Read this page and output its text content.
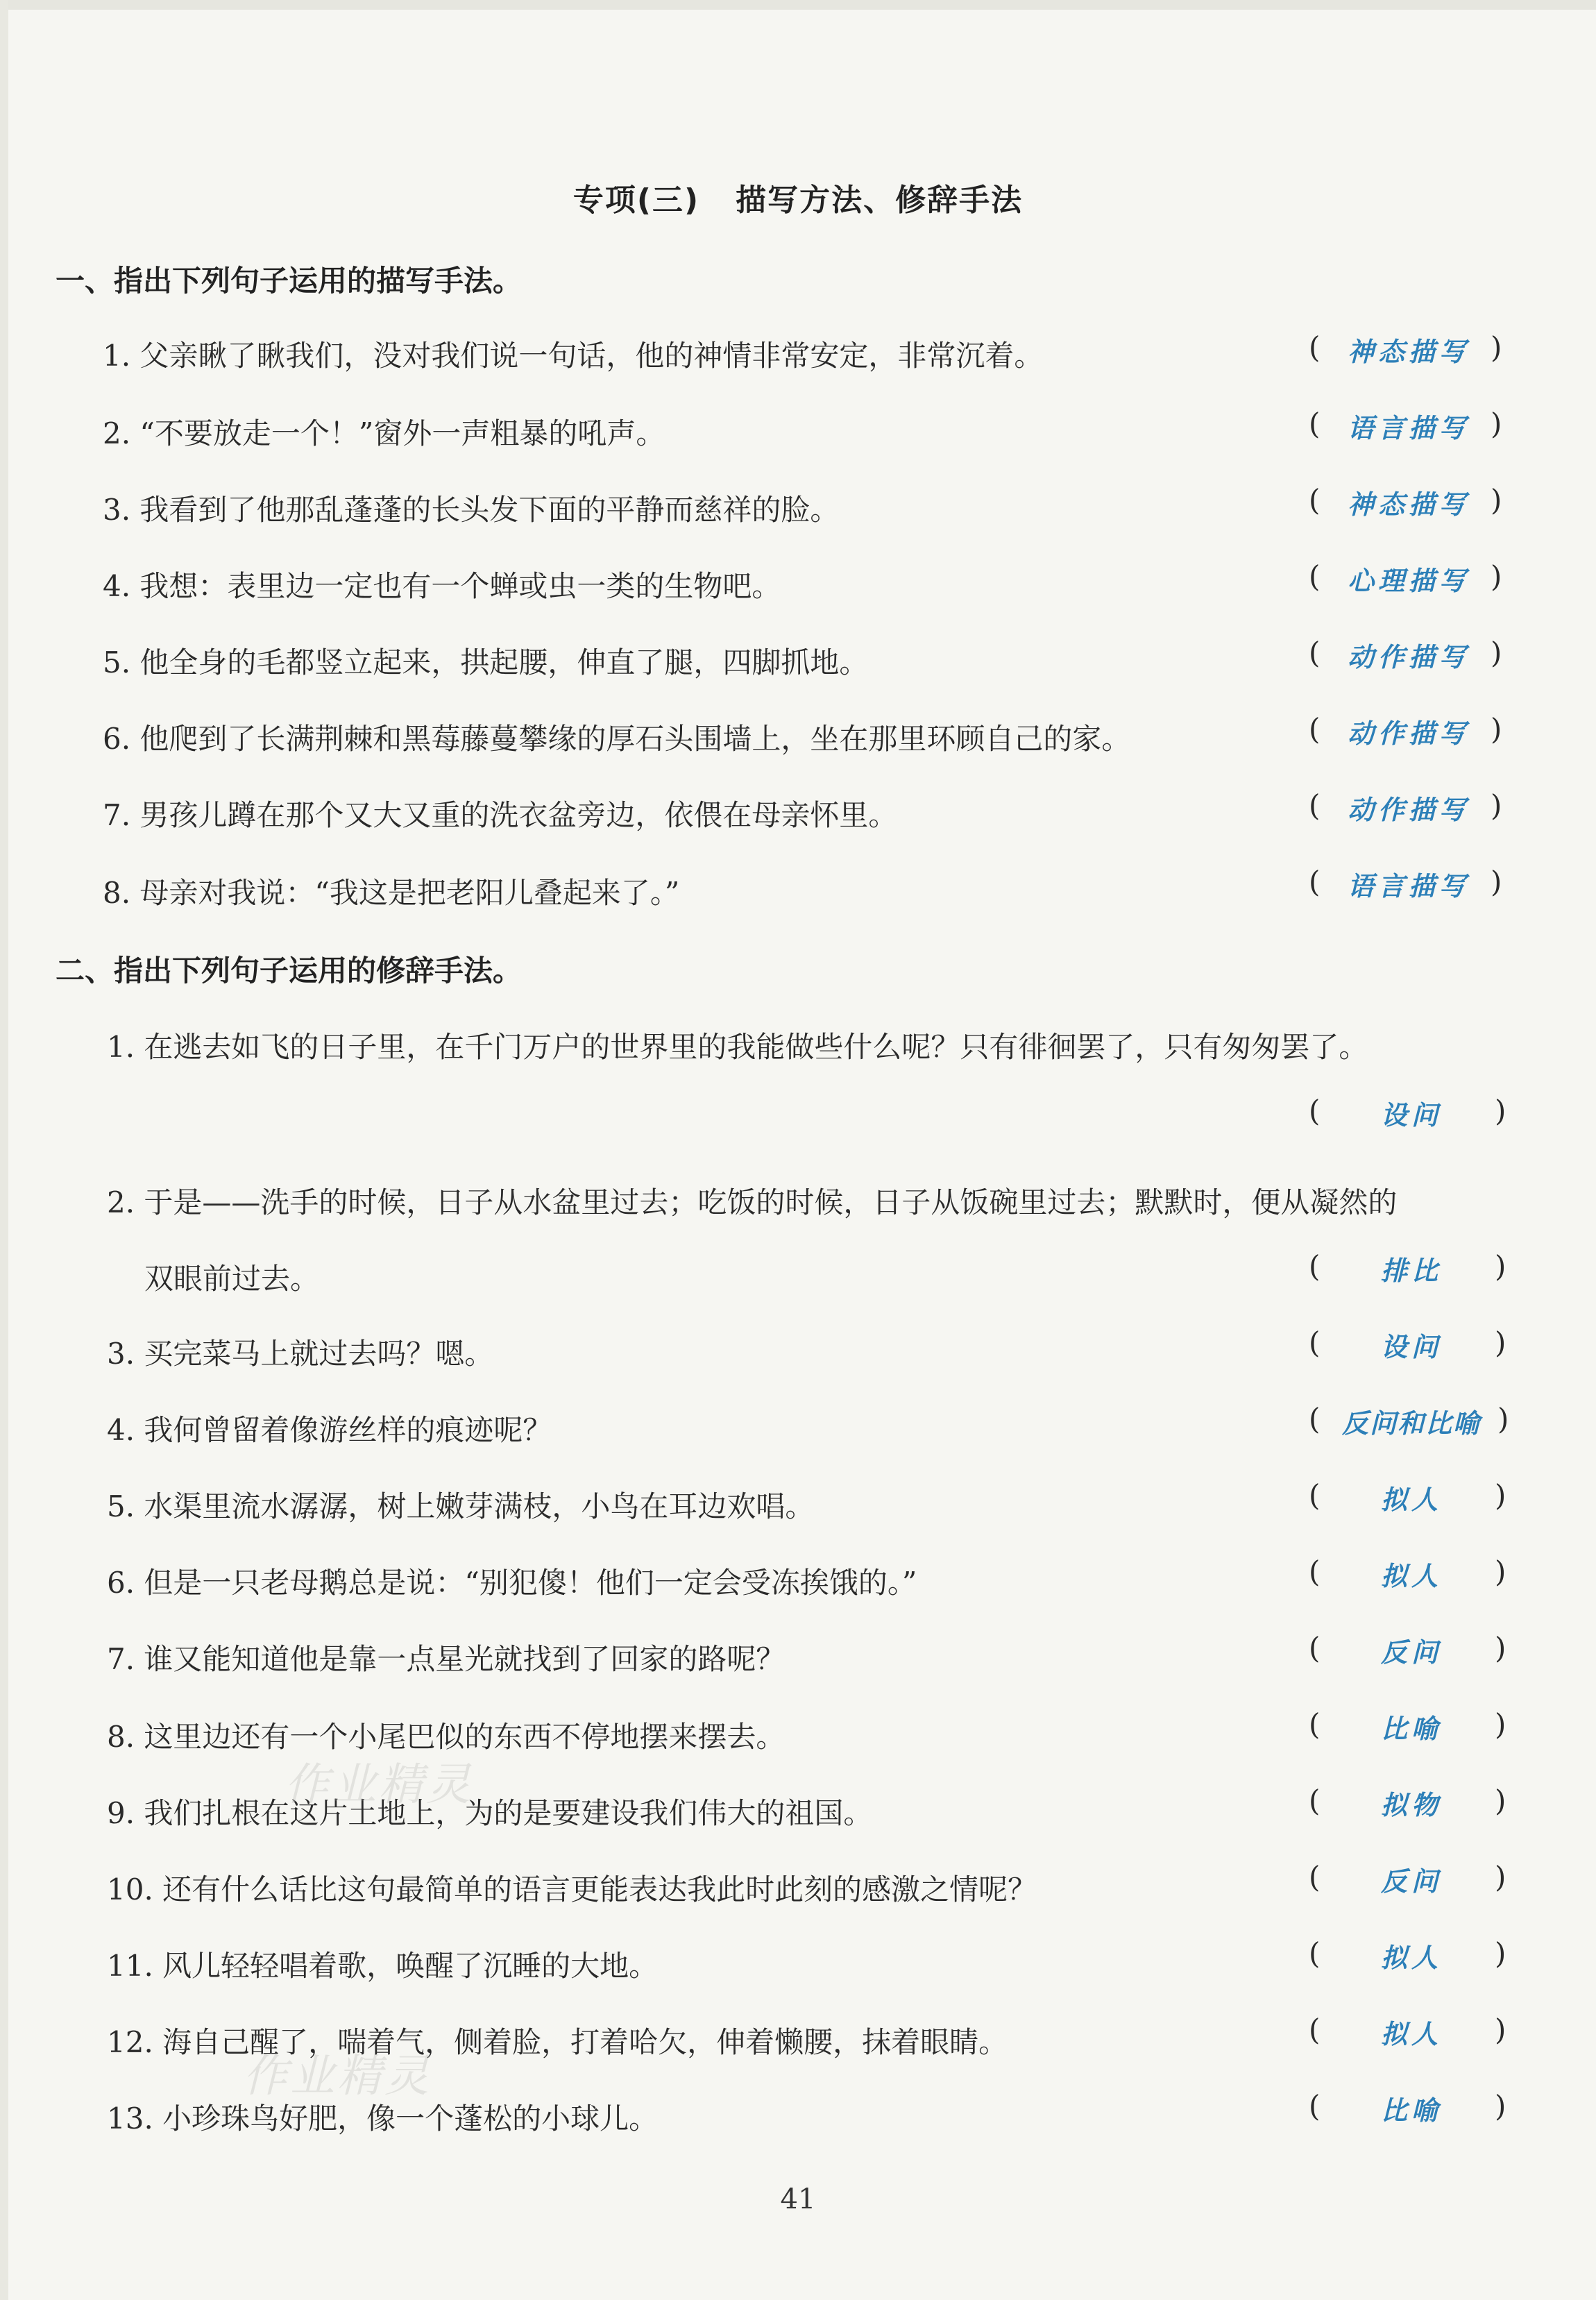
专项(三) 描写方法、修辞手法
一、指出下列句子运用的描写手法。
1. 父亲瞅了瞅我们，没对我们说一句话，他的神情非常安定，非常沉着。	(	神态描写 )
2. “不要放走一个！”窗外一声粗暴的吼声。	(	语言描写 )
3. 我看到了他那乱蓬蓬的长头发下面的平静而慈祥的脸。	(	神态描写 )
4. 我想：表里边一定也有一个蝉或虫一类的生物吧。	(	心理描写 )
5. 他全身的毛都竖立起来，拱起腰，伸直了腿，四脚抓地。	(	动作描写 )
6. 他爬到了长满荆棘和黑莓藤蔓攀缘的厚石头围墙上，坐在那里环顾自己的家。	(	动作描写 )
7. 男孩儿蹲在那个又大又重的洗衣盆旁边，依偎在母亲怀里。	(	动作描写 )
8. 母亲对我说：“我这是把老阳儿叠起来了。”	(	语言描写 )
二、指出下列句子运用的修辞手法。
1. 在逃去如飞的日子里，在千门万户的世界里的我能做些什么呢？只有徘徊罢了，只有匆匆罢了。
(	设问	)
2. 于是——洗手的时候，日子从水盆里过去；吃饭的时候，日子从饭碗里过去；默默时，便从凝然的
双眼前过去。	(	排比	)
3. 买完菜马上就过去吗？嗯。	(	设问	)
4. 我何曾留着像游丝样的痕迹呢？	( 反问和比喻 )
5. 水渠里流水潺潺，树上嫩芽满枝，小鸟在耳边欢唱。	(	拟人	)
6. 但是一只老母鹅总是说：“别犯傻！他们一定会受冻挨饿的。”	(	拟人	)
7. 谁又能知道他是靠一点星光就找到了回家的路呢？	(	反问	)
8. 这里边还有一个小尾巴似的东西不停地摆来摆去。	(	比喻	)
9. 我们扎根在这片土地上，为的是要建设我们伟大的祖国。	(	拟物	)
10. 还有什么话比这句最简单的语言更能表达我此时此刻的感激之情呢？	(	反问	)
11. 风儿轻轻唱着歌，唤醒了沉睡的大地。	(	拟人	)
12. 海自己醒了，喘着气，侧着脸，打着哈欠，伸着懒腰，抹着眼睛。	(	拟人	)
13. 小珍珠鸟好肥，像一个蓬松的小球儿。	(	比喻	)
作业精灵
作业精灵
41
